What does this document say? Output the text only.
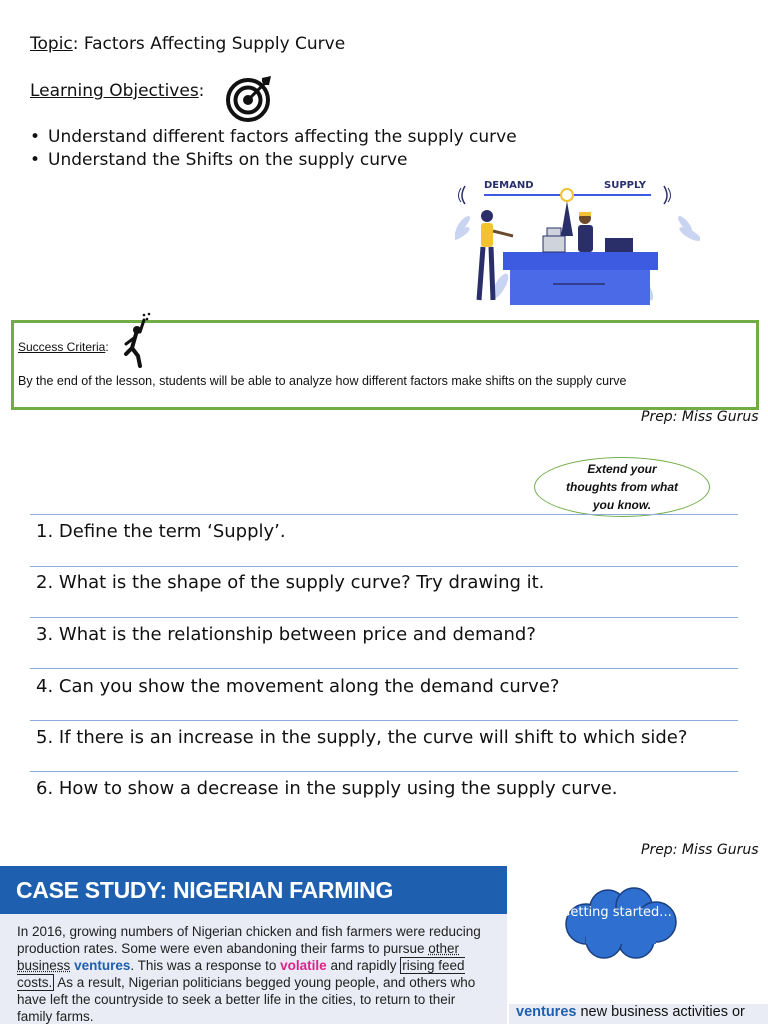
Topic: Factors Affecting Supply Curve
Learning Objectives:
• Understand different factors affecting the supply curve
• Understand the Shifts on the supply curve
DEMAND	SUPPLY
Success Criteria:
By the end of the lesson, students will be able to analyze how different factors make shifts on the supply curve
Prep: Miss Gurus
Extend your thoughts from what you know.
1. Define the term ‘Supply’.
2. What is the shape of the supply curve? Try drawing it.
3. What is the relationship between price and demand?
4. Can you show the movement along the demand curve?
5. If there is an increase in the supply, the curve will shift to which side?
6. How to show a decrease in the supply using the supply curve.
Prep: Miss Gurus
CASE STUDY: NIGERIAN FARMING
In 2016, growing numbers of Nigerian chicken and fish farmers were reducing production rates. Some were even abandoning their farms to pursue other business ventures. This was a response to volatile and rapidly rising feed costs. As a result, Nigerian politicians begged young people, and others who have left the countryside to seek a better life in the cities, to return to their family farms.
Getting started...
ventures new business activities or
